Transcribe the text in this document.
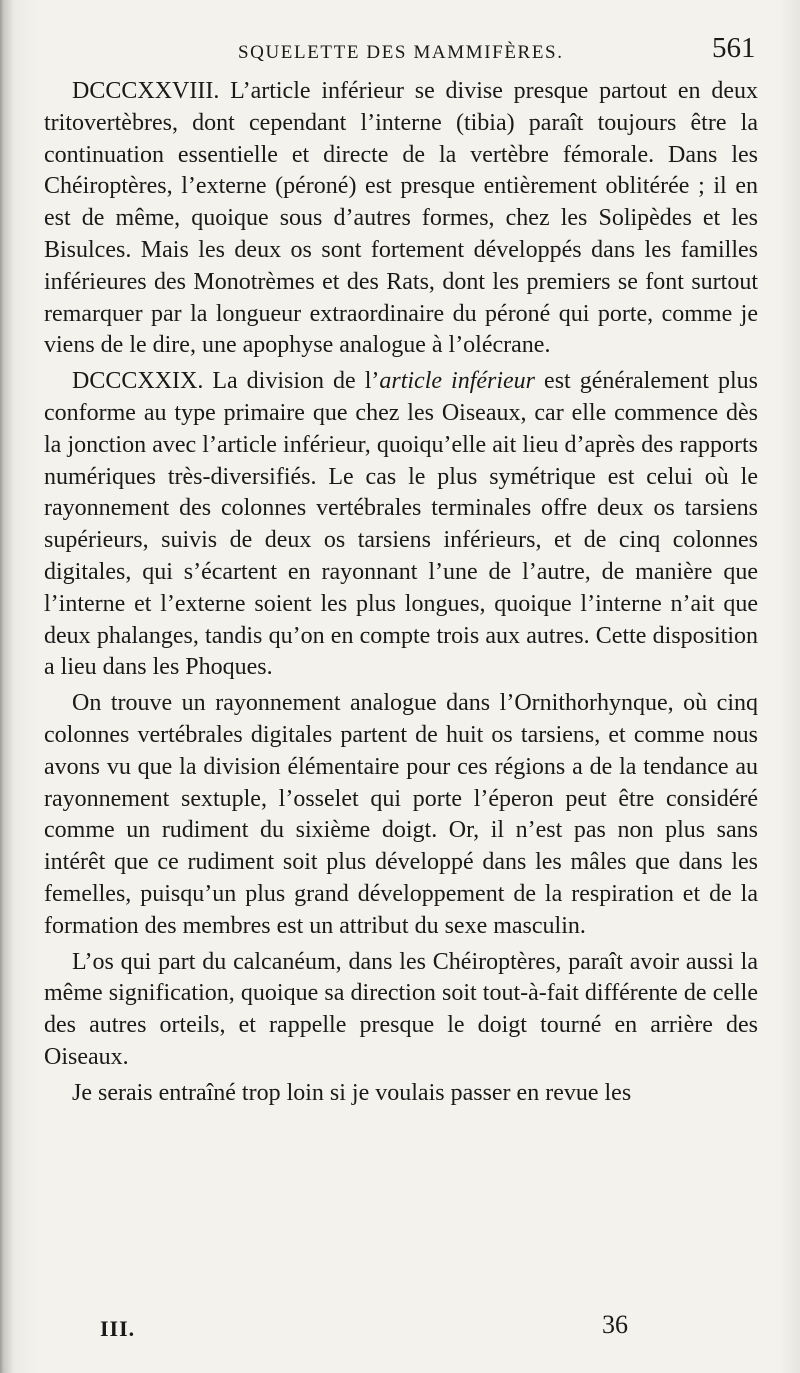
SQUELETTE DES MAMMIFÈRES.	561

DCCCXXVIII. L’article inférieur se divise presque partout en deux tritovertèbres, dont cependant l’interne (tibia) paraît toujours être la continuation essentielle et directe de la vertèbre fémorale. Dans les Chéiroptères, l’externe (péroné) est presque entièrement oblitérée ; il en est de même, quoique sous d’autres formes, chez les Solipèdes et les Bisulces. Mais les deux os sont fortement développés dans les familles inférieures des Monotrèmes et des Rats, dont les premiers se font surtout remarquer par la longueur extraordinaire du péroné qui porte, comme je viens de le dire, une apophyse analogue à l’olécrane.

DCCCXXIX. La division de l’article inférieur est généralement plus conforme au type primaire que chez les Oiseaux, car elle commence dès la jonction avec l’article inférieur, quoiqu’elle ait lieu d’après des rapports numériques très-diversifiés. Le cas le plus symétrique est celui où le rayonnement des colonnes vertébrales terminales offre deux os tarsiens supérieurs, suivis de deux os tarsiens inférieurs, et de cinq colonnes digitales, qui s’écartent en rayonnant l’une de l’autre, de manière que l’interne et l’externe soient les plus longues, quoique l’interne n’ait que deux phalanges, tandis qu’on en compte trois aux autres. Cette disposition a lieu dans les Phoques.

On trouve un rayonnement analogue dans l’Ornithorhynque, où cinq colonnes vertébrales digitales partent de huit os tarsiens, et comme nous avons vu que la division élémentaire pour ces régions a de la tendance au rayonnement sextuple, l’osselet qui porte l’éperon peut être considéré comme un rudiment du sixième doigt. Or, il n’est pas non plus sans intérêt que ce rudiment soit plus développé dans les mâles que dans les femelles, puisqu’un plus grand développement de la respiration et de la formation des membres est un attribut du sexe masculin.

L’os qui part du calcanéum, dans les Chéiroptères, paraît avoir aussi la même signification, quoique sa direction soit tout-à-fait différente de celle des autres orteils, et rappelle presque le doigt tourné en arrière des Oiseaux.

Je serais entraîné trop loin si je voulais passer en revue les

III.	36
